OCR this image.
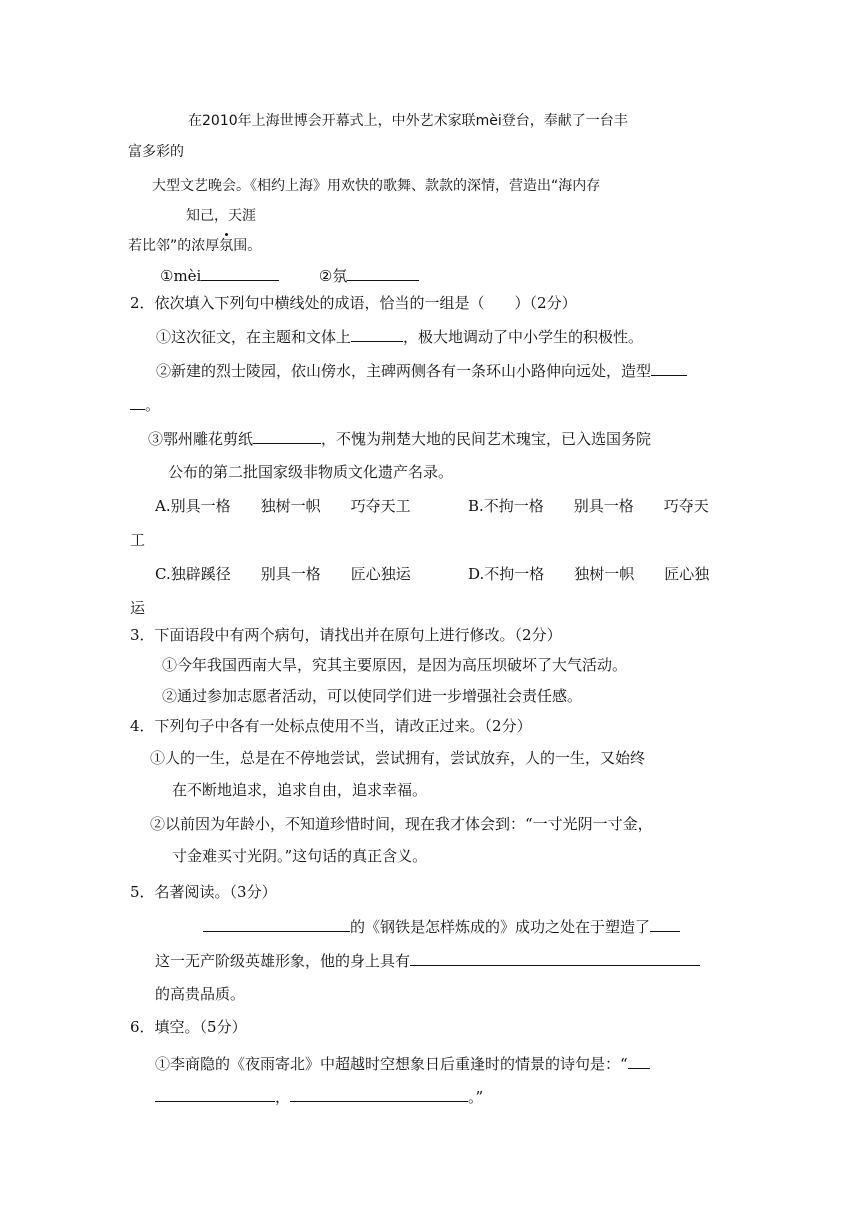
在2010年上海世博会开幕式上，中外艺术家联mèi登台，奉献了一台丰
富多彩的
大型文艺晚会。《相约上海》用欢快的歌舞、款款的深情，营造出“海内存
知己，天涯
若比邻”的浓厚氛围。
①mèi	②氛
2．依次填入下列句中横线处的成语，恰当的一组是（　　）（2分）
①这次征文，在主题和文体上	，极大地调动了中小学生的积极性。
②新建的烈士陵园，依山傍水，主碑两侧各有一条环山小路伸向远处，造型
。
③鄂州雕花剪纸	，不愧为荆楚大地的民间艺术瑰宝，已入选国务院
公布的第二批国家级非物质文化遗产名录。
A.别具一格　　独树一帜　　巧夺天工	B.不拘一格　　别具一格　　巧夺天
工
C.独辟蹊径　　别具一格　　匠心独运	D.不拘一格　　独树一帜　　匠心独
运
3．下面语段中有两个病句，请找出并在原句上进行修改。（2分）
①今年我国西南大旱，究其主要原因，是因为高压坝破坏了大气活动。
②通过参加志愿者活动，可以使同学们进一步增强社会责任感。
4．下列句子中各有一处标点使用不当，请改正过来。（2分）
①人的一生，总是在不停地尝试，尝试拥有，尝试放弃，人的一生，又始终
在不断地追求，追求自由，追求幸福。
②以前因为年龄小，不知道珍惜时间，现在我才体会到：“一寸光阴一寸金，
寸金难买寸光阴。”这句话的真正含义。
5．名著阅读。（3分）
的《钢铁是怎样炼成的》成功之处在于塑造了
这一无产阶级英雄形象，他的身上具有
的高贵品质。
6．填空。（5分）
①李商隐的《夜雨寄北》中超越时空想象日后重逢时的情景的诗句是：“
，	。”
